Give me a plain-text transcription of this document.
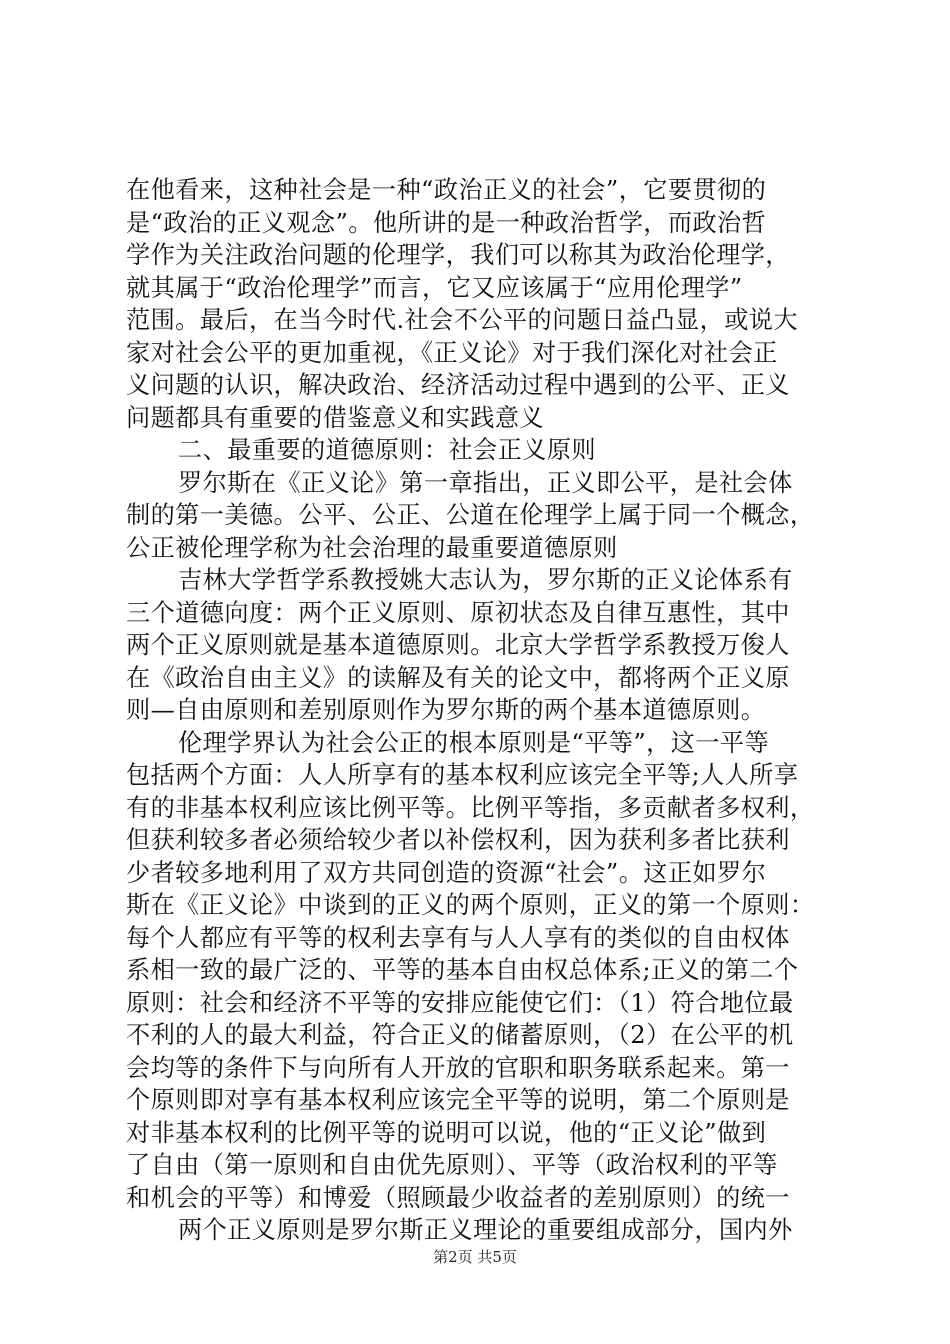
在他看来，这种社会是一种“政治正义的社会”，它要贯彻的
是“政治的正义观念”。他所讲的是一种政治哲学，而政治哲
学作为关注政治问题的伦理学，我们可以称其为政治伦理学，
就其属于“政治伦理学”而言，它又应该属于“应用伦理学”
范围。最后，在当今时代.社会不公平的问题日益凸显，或说大
家对社会公平的更加重视，《正义论》对于我们深化对社会正
义问题的认识，解决政治、经济活动过程中遇到的公平、正义
问题都具有重要的借鉴意义和实践意义
二、最重要的道德原则：社会正义原则
罗尔斯在《正义论》第一章指出，正义即公平，是社会体
制的第一美德。公平、公正、公道在伦理学上属于同一个概念，
公正被伦理学称为社会治理的最重要道德原则
吉林大学哲学系教授姚大志认为，罗尔斯的正义论体系有
三个道德向度：两个正义原则、原初状态及自律互惠性，其中
两个正义原则就是基本道德原则。北京大学哲学系教授万俊人
在《政治自由主义》的读解及有关的论文中，都将两个正义原
则—自由原则和差别原则作为罗尔斯的两个基本道德原则。
伦理学界认为社会公正的根本原则是“平等”，这一平等
包括两个方面：人人所享有的基本权利应该完全平等;人人所享
有的非基本权利应该比例平等。比例平等指，多贡献者多权利，
但获利较多者必须给较少者以补偿权利，因为获利多者比获利
少者较多地利用了双方共同创造的资源“社会”。这正如罗尔
斯在《正义论》中谈到的正义的两个原则，正义的第一个原则：
每个人都应有平等的权利去享有与人人享有的类似的自由权体
系相一致的最广泛的、平等的基本自由权总体系;正义的第二个
原则：社会和经济不平等的安排应能使它们：（1）符合地位最
不利的人的最大利益，符合正义的储蓄原则，（2）在公平的机
会均等的条件下与向所有人开放的官职和职务联系起来。第一
个原则即对享有基本权利应该完全平等的说明，第二个原则是
对非基本权利的比例平等的说明可以说，他的“正义论”做到
了自由（第一原则和自由优先原则）、平等（政治权利的平等
和机会的平等）和博爱（照顾最少收益者的差别原则）的统一
两个正义原则是罗尔斯正义理论的重要组成部分，国内外
第2页 共5页
